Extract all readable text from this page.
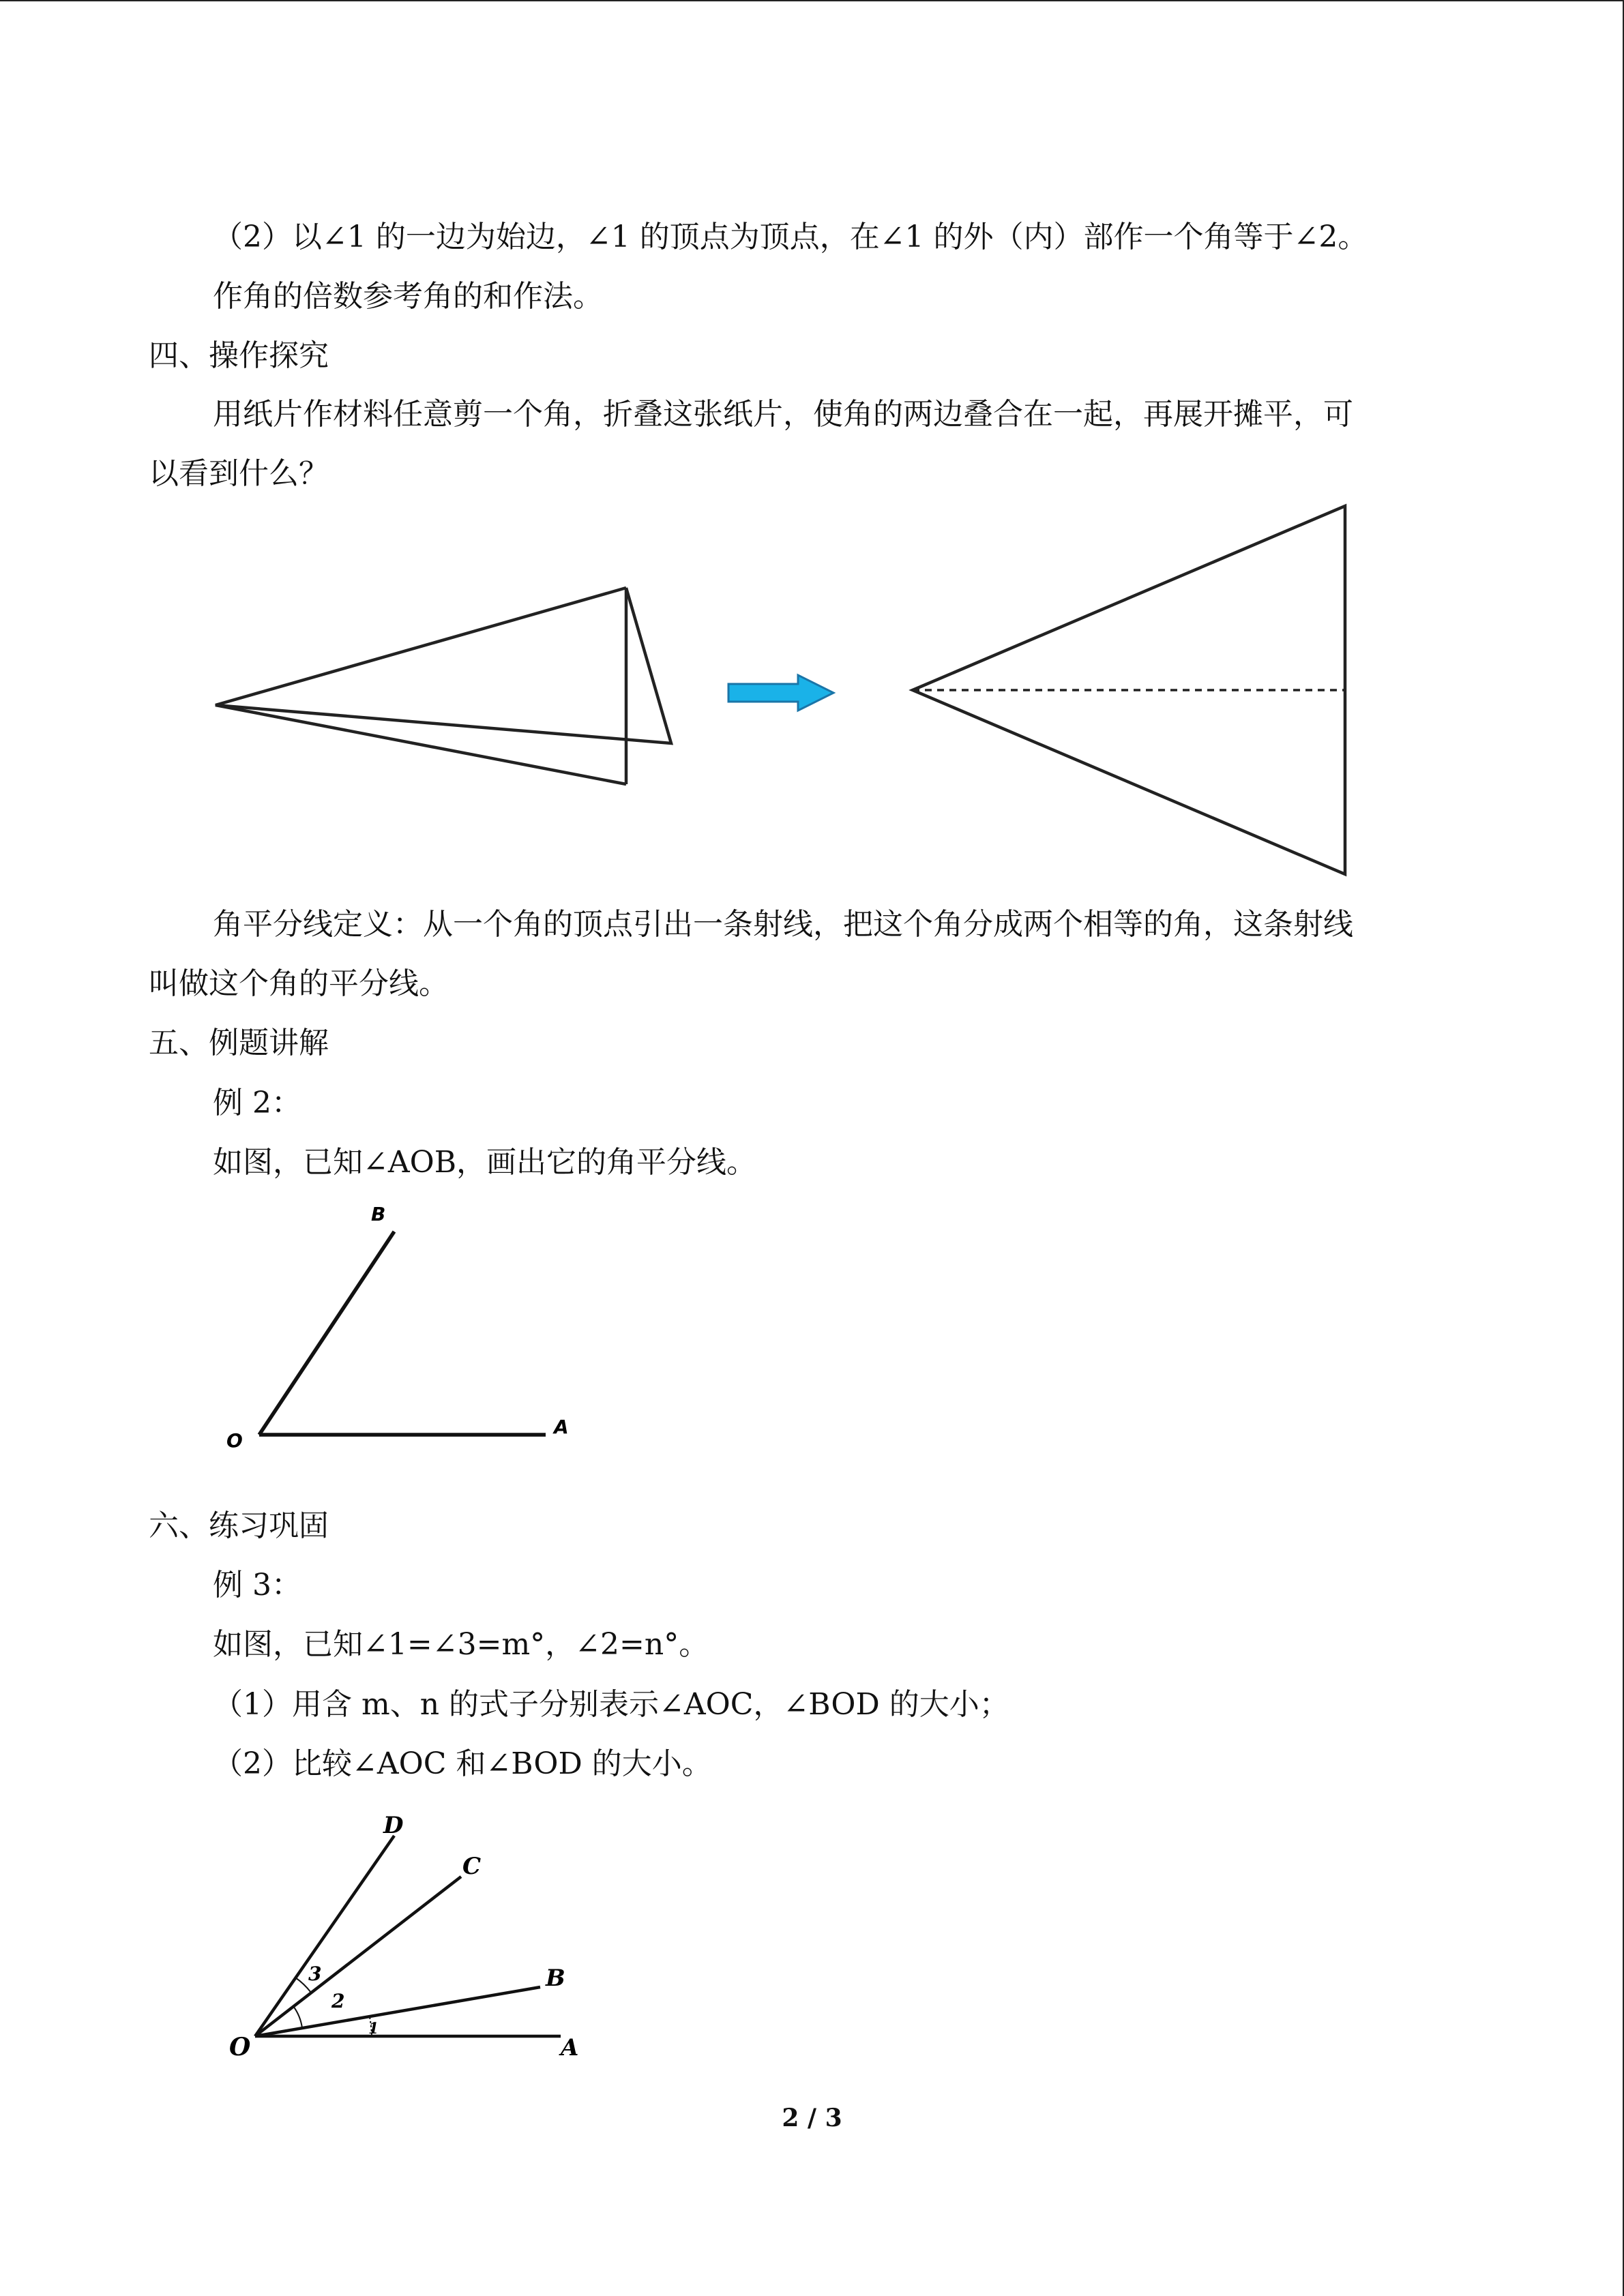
（2）以∠1 的一边为始边，∠1 的顶点为顶点，在∠1 的外（内）部作一个角等于∠2。
作角的倍数参考角的和作法。
四、操作探究
用纸片作材料任意剪一个角，折叠这张纸片，使角的两边叠合在一起，再展开摊平，可
以看到什么？
角平分线定义：从一个角的顶点引出一条射线，把这个角分成两个相等的角，这条射线
叫做这个角的平分线。
五、例题讲解
例 2：
如图，已知∠AOB，画出它的角平分线。
B
O
A
六、练习巩固
例 3：
如图，已知∠1=∠3=m°，∠2=n°。
（1）用含 m、n 的式子分别表示∠AOC，∠BOD 的大小；
（2）比较∠AOC 和∠BOD 的大小。
D
C
B
O	A
3
2
1
2 / 3
